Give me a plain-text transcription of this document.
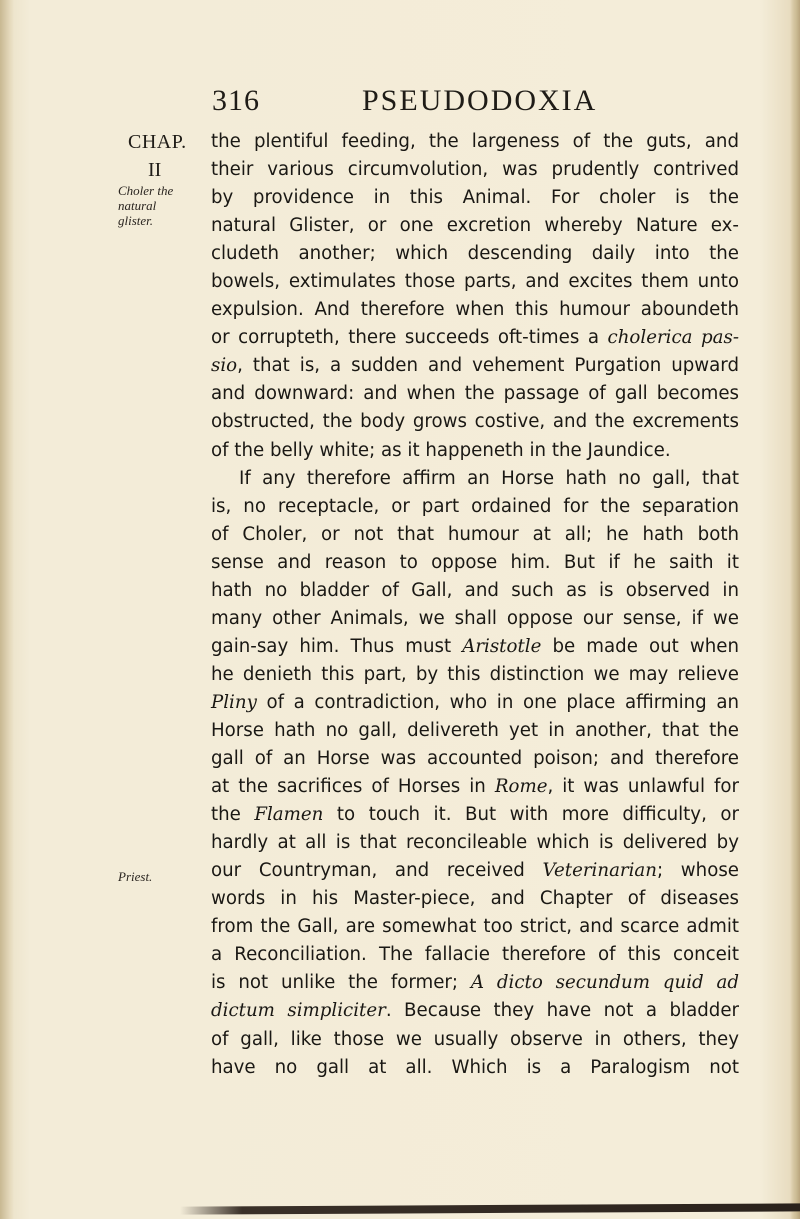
316	PSEUDODOXIA
CHAP.
II
Choler the
natural
glister.
Priest.
the plentiful feeding, the largeness of the guts, and
their various circumvolution, was prudently contrived
by providence in this Animal. For choler is the
natural Glister, or one excretion whereby Nature ex-
cludeth another; which descending daily into the
bowels, extimulates those parts, and excites them unto
expulsion. And therefore when this humour aboundeth
or corrupteth, there succeeds oft-times a cholerica pas-
sio, that is, a sudden and vehement Purgation upward
and downward: and when the passage of gall becomes
obstructed, the body grows costive, and the excrements
of the belly white; as it happeneth in the Jaundice.
If any therefore affirm an Horse hath no gall, that
is, no receptacle, or part ordained for the separation
of Choler, or not that humour at all; he hath both
sense and reason to oppose him. But if he saith it
hath no bladder of Gall, and such as is observed in
many other Animals, we shall oppose our sense, if we
gain-say him. Thus must Aristotle be made out when
he denieth this part, by this distinction we may relieve
Pliny of a contradiction, who in one place affirming an
Horse hath no gall, delivereth yet in another, that the
gall of an Horse was accounted poison; and therefore
at the sacrifices of Horses in Rome, it was unlawful for
the Flamen to touch it. But with more difficulty, or
hardly at all is that reconcileable which is delivered by
our Countryman, and received Veterinarian; whose
words in his Master-piece, and Chapter of diseases
from the Gall, are somewhat too strict, and scarce admit
a Reconciliation. The fallacie therefore of this conceit
is not unlike the former; A dicto secundum quid ad
dictum simpliciter. Because they have not a bladder
of gall, like those we usually observe in others, they
have no gall at all. Which is a Paralogism not
